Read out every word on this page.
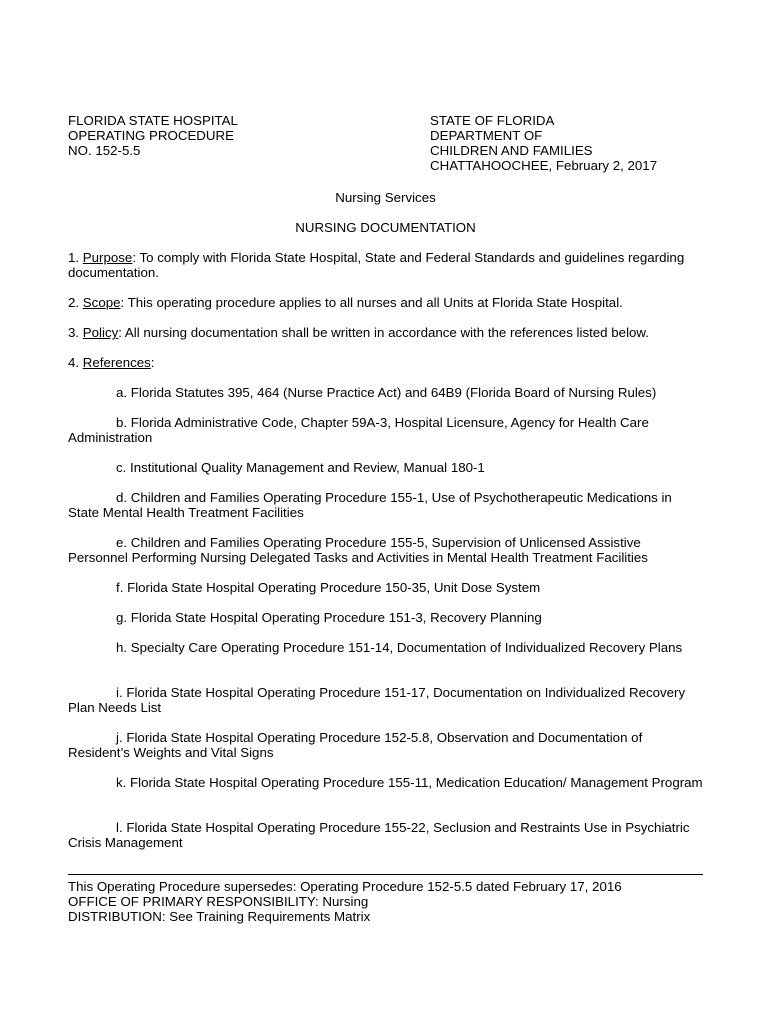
FLORIDA STATE HOSPITAL
OPERATING PROCEDURE
NO. 152-5.5
STATE OF FLORIDA
DEPARTMENT OF
CHILDREN AND FAMILIES
CHATTAHOOCHEE, February 2, 2017
Nursing Services
NURSING DOCUMENTATION

1. Purpose: To comply with Florida State Hospital, State and Federal Standards and guidelines regarding documentation.

2. Scope: This operating procedure applies to all nurses and all Units at Florida State Hospital.

3. Policy: All nursing documentation shall be written in accordance with the references listed below.

4. References:

a. Florida Statutes 395, 464 (Nurse Practice Act) and 64B9 (Florida Board of Nursing Rules)

b. Florida Administrative Code, Chapter 59A-3, Hospital Licensure, Agency for Health Care Administration

c. Institutional Quality Management and Review, Manual 180-1

d. Children and Families Operating Procedure 155-1, Use of Psychotherapeutic Medications in State Mental Health Treatment Facilities

e. Children and Families Operating Procedure 155-5, Supervision of Unlicensed Assistive Personnel Performing Nursing Delegated Tasks and Activities in Mental Health Treatment Facilities

f. Florida State Hospital Operating Procedure 150-35, Unit Dose System

g. Florida State Hospital Operating Procedure 151-3, Recovery Planning

h. Specialty Care Operating Procedure 151-14, Documentation of Individualized Recovery Plans

i. Florida State Hospital Operating Procedure 151-17, Documentation on Individualized Recovery Plan Needs List

j. Florida State Hospital Operating Procedure 152-5.8, Observation and Documentation of Resident’s Weights and Vital Signs

k. Florida State Hospital Operating Procedure 155-11, Medication Education/ Management Program

l. Florida State Hospital Operating Procedure 155-22, Seclusion and Restraints Use in Psychiatric Crisis Management

This Operating Procedure supersedes: Operating Procedure 152-5.5 dated February 17, 2016
OFFICE OF PRIMARY RESPONSIBILITY: Nursing
DISTRIBUTION: See Training Requirements Matrix
